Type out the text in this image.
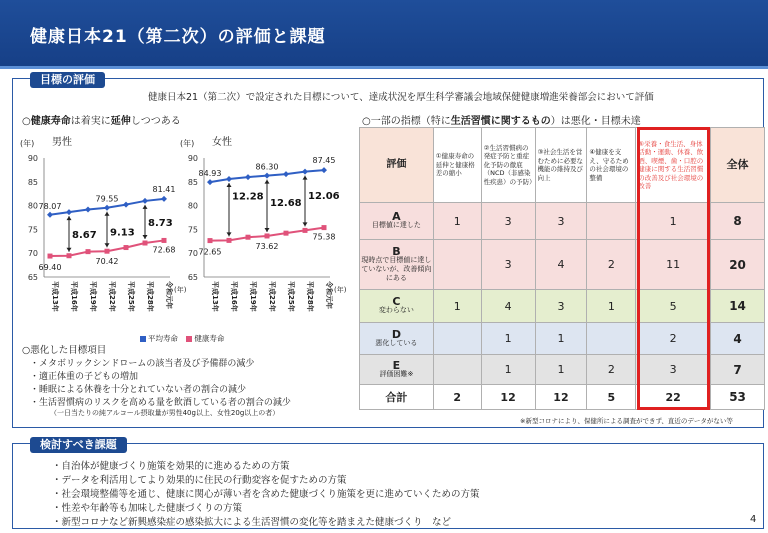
健康日本21（第二次）の評価と課題
目標の評価
健康日本21（第二次）で設定された目標について、達成状況を厚生科学審議会地域保健健康増進栄養部会において評価
○健康寿命は着実に延伸しつつある	○一部の指標（特に生活習慣に関するもの）は悪化・目標未達
(年) 男性
(年)
90
85
80
75
70
65
平成13年 平成16年 平成19年 平成22年 平成25年 平成28年 令和元年
8.67 9.13
8.73
78.07
79.55
81.41
69.40
70.42
72.68
(年) 女性
(年)
90
85
80
75
70
65
平成13年 平成16年 平成19年 平成22年 平成25年 平成28年 令和元年
12.28
12.68
12.06
84.93
86.30
87.45
72.65
73.62
75.38
平均寿命 健康寿命
○悪化した目標項目
・メタボリックシンドロームの該当者及び予備群の減少
・適正体重の子どもの増加
・睡眠による休養を十分とれていない者の割合の減少
・生活習慣病のリスクを高める量を飲酒している者の割合の減少
（一日当たりの純アルコール摂取量が男性40g以上、女性20g以上の者）
評価	①健康寿命の延伸と健康格差の縮小	②生活習慣病の発症予防と重症化予防の徹底（NCD（非感染性疾患）の予防）	③社会生活を営むために必要な機能の維持及び向上	④健康を支え、守るための社会環境の整備	⑤栄養・食生活、身体活動・運動、休養、飲酒、喫煙、歯・口腔の健康に関する生活習慣の改善及び社会環境の改善	全体

A
目標値に達した	1	3	3		1	8

B
現時点で目標値に達していないが、改善傾向にある		3	4	2	11	20

C
変わらない	1	4	3	1	5	14

D
悪化している		1	1		2	4

E
評価困難※		1	1	2	3	7
合計	2	12	12	5	22	53
※新型コロナにより、保健所による調査ができず、直近のデータがない等
検討すべき課題
・自治体が健康づくり施策を効果的に進めるための方策
・データを利活用してより効果的に住民の行動変容を促すための方策
・社会環境整備等を通じ、健康に関心が薄い者を含めた健康づくり施策を更に進めていくための方策
・性差や年齢等も加味した健康づくりの方策
・新型コロナなど新興感染症の感染拡大による生活習慣の変化等を踏まえた健康づくり　など	4
